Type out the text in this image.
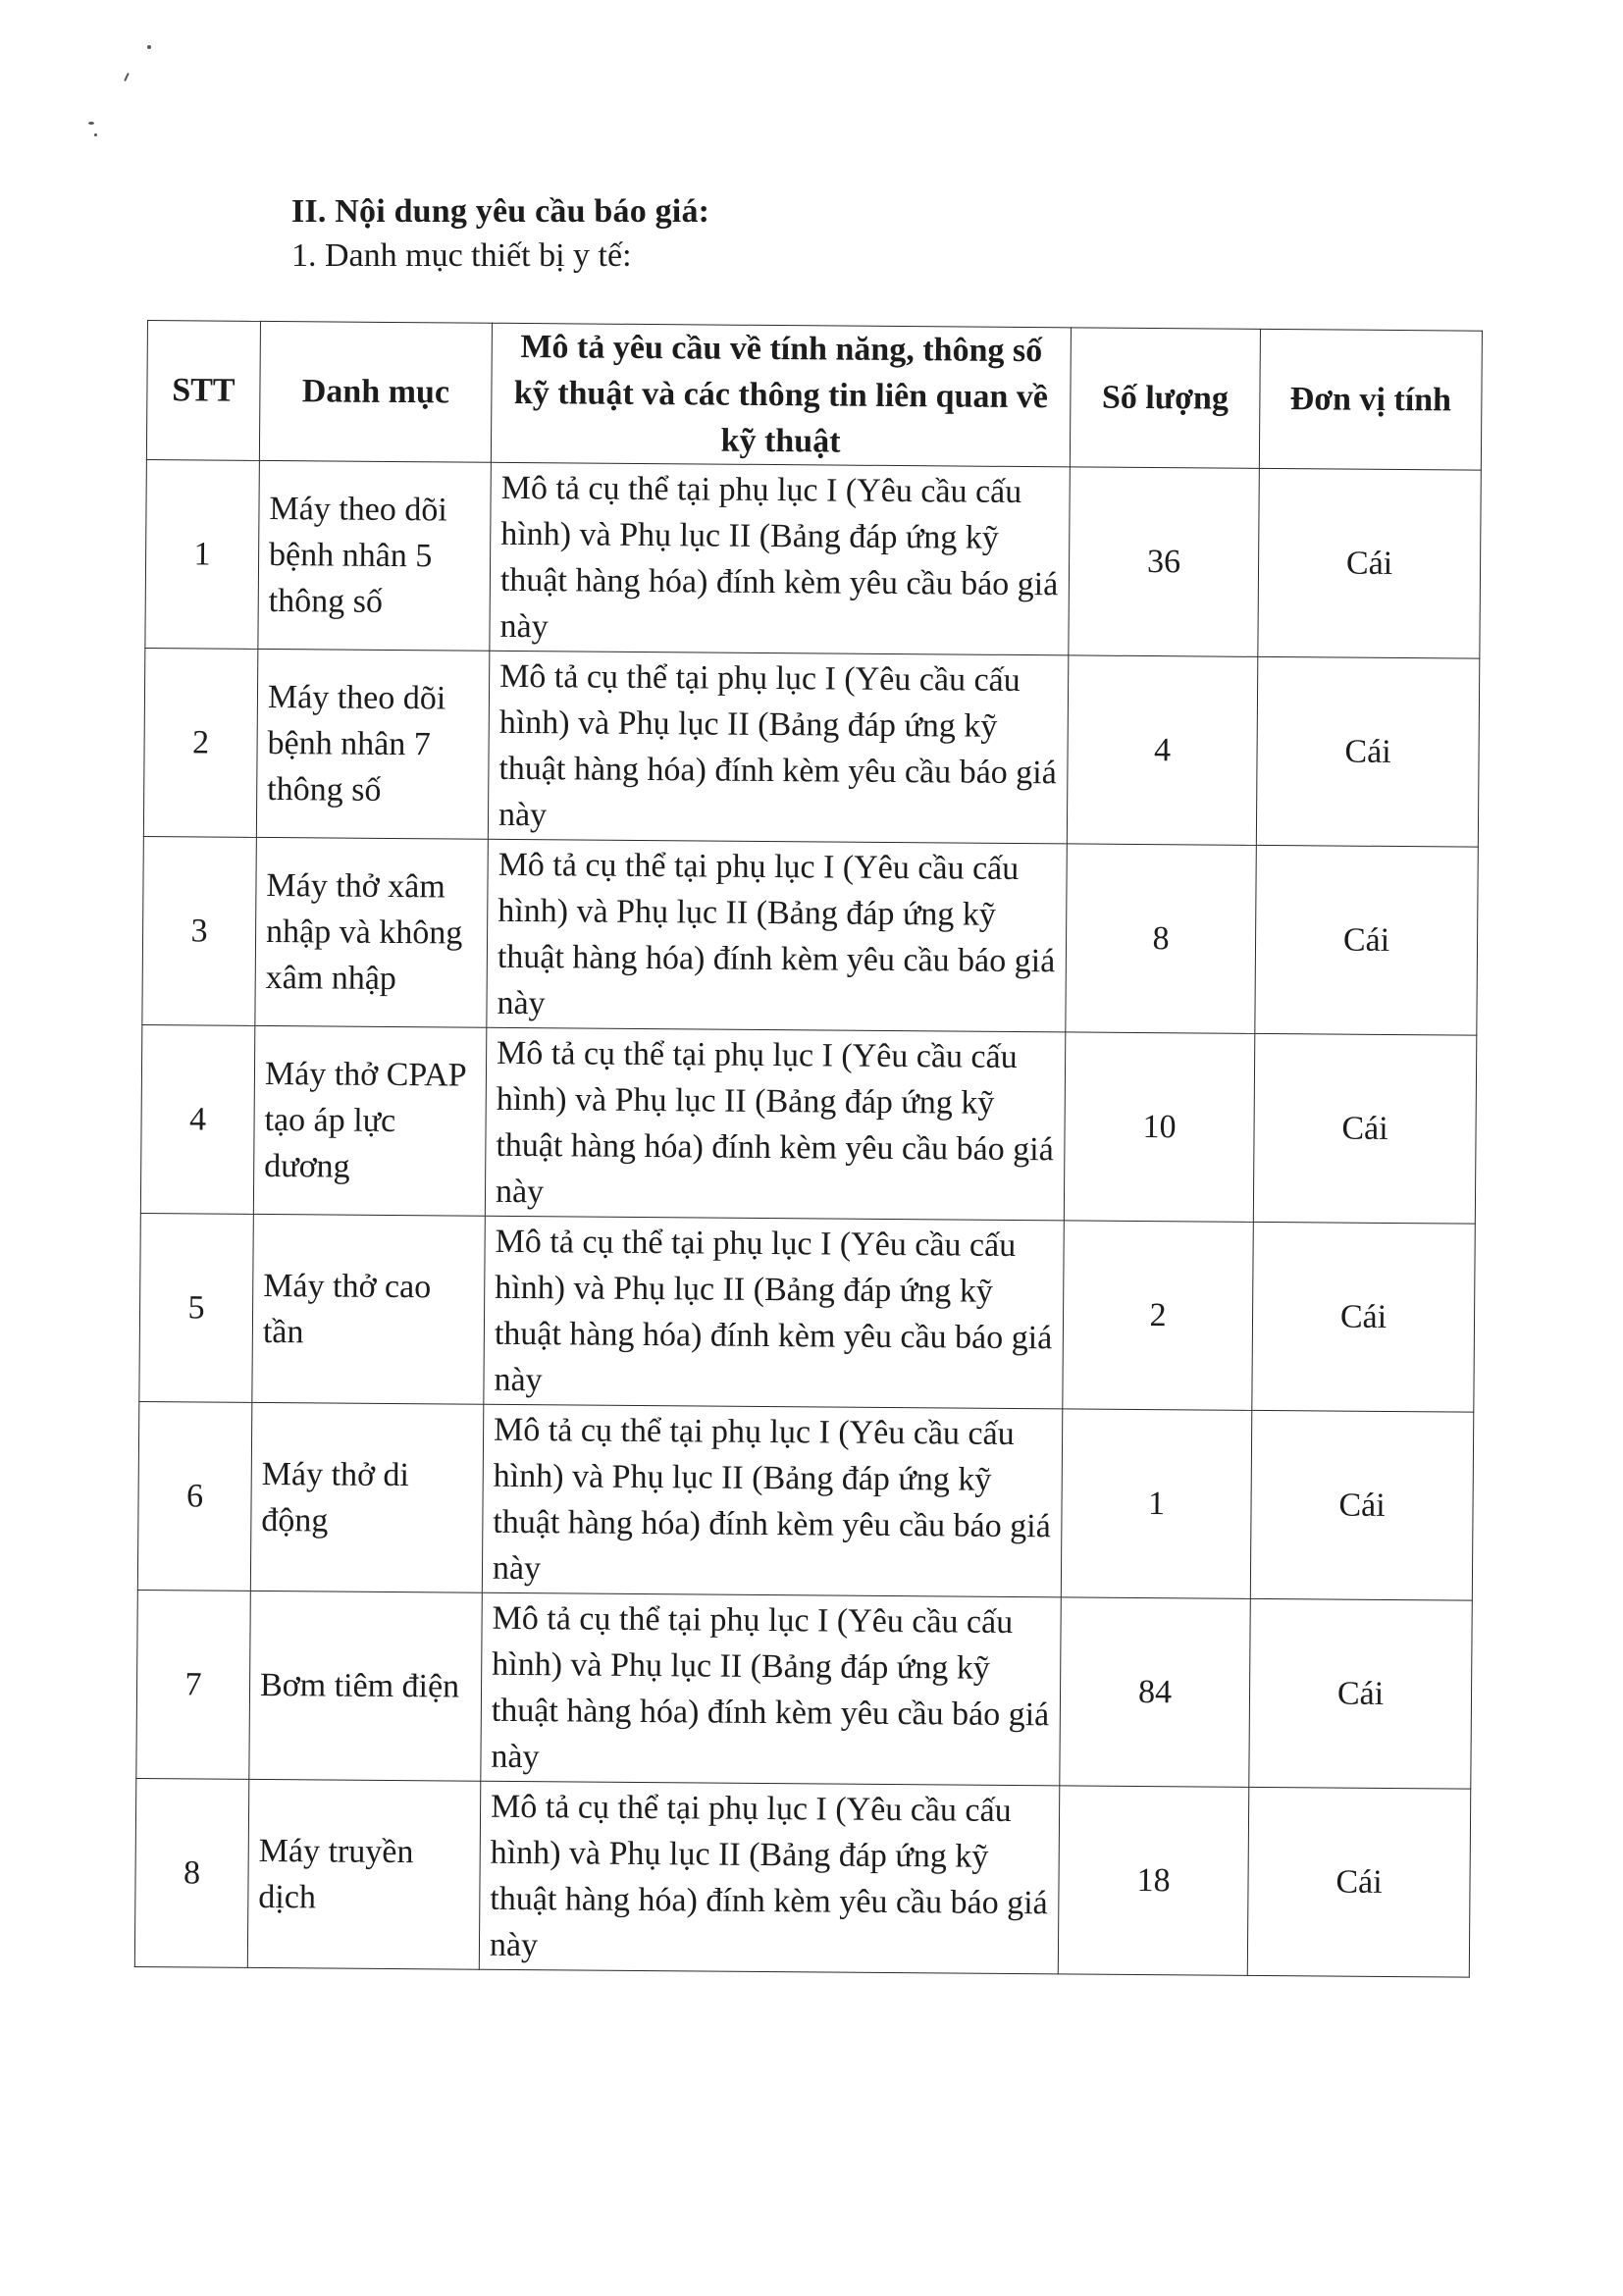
II. Nội dung yêu cầu báo giá:
1. Danh mục thiết bị y tế:
STT	Danh mục	Mô tả yêu cầu về tính năng, thông số kỹ thuật và các thông tin liên quan về kỹ thuật	Số lượng	Đơn vị tính
1	Máy theo dõi bệnh nhân 5 thông số	Mô tả cụ thể tại phụ lục I (Yêu cầu cấu hình) và Phụ lục II (Bảng đáp ứng kỹ thuật hàng hóa) đính kèm yêu cầu báo giá này	36	Cái
2	Máy theo dõi bệnh nhân 7 thông số	Mô tả cụ thể tại phụ lục I (Yêu cầu cấu hình) và Phụ lục II (Bảng đáp ứng kỹ thuật hàng hóa) đính kèm yêu cầu báo giá này	4	Cái
3	Máy thở xâm nhập và không xâm nhập	Mô tả cụ thể tại phụ lục I (Yêu cầu cấu hình) và Phụ lục II (Bảng đáp ứng kỹ thuật hàng hóa) đính kèm yêu cầu báo giá này	8	Cái
4	Máy thở CPAP tạo áp lực dương	Mô tả cụ thể tại phụ lục I (Yêu cầu cấu hình) và Phụ lục II (Bảng đáp ứng kỹ thuật hàng hóa) đính kèm yêu cầu báo giá này	10	Cái
5	Máy thở cao tần	Mô tả cụ thể tại phụ lục I (Yêu cầu cấu hình) và Phụ lục II (Bảng đáp ứng kỹ thuật hàng hóa) đính kèm yêu cầu báo giá này	2	Cái
6	Máy thở di động	Mô tả cụ thể tại phụ lục I (Yêu cầu cấu hình) và Phụ lục II (Bảng đáp ứng kỹ thuật hàng hóa) đính kèm yêu cầu báo giá này	1	Cái
7	Bơm tiêm điện	Mô tả cụ thể tại phụ lục I (Yêu cầu cấu hình) và Phụ lục II (Bảng đáp ứng kỹ thuật hàng hóa) đính kèm yêu cầu báo giá này	84	Cái
8	Máy truyền dịch	Mô tả cụ thể tại phụ lục I (Yêu cầu cấu hình) và Phụ lục II (Bảng đáp ứng kỹ thuật hàng hóa) đính kèm yêu cầu báo giá này	18	Cái
